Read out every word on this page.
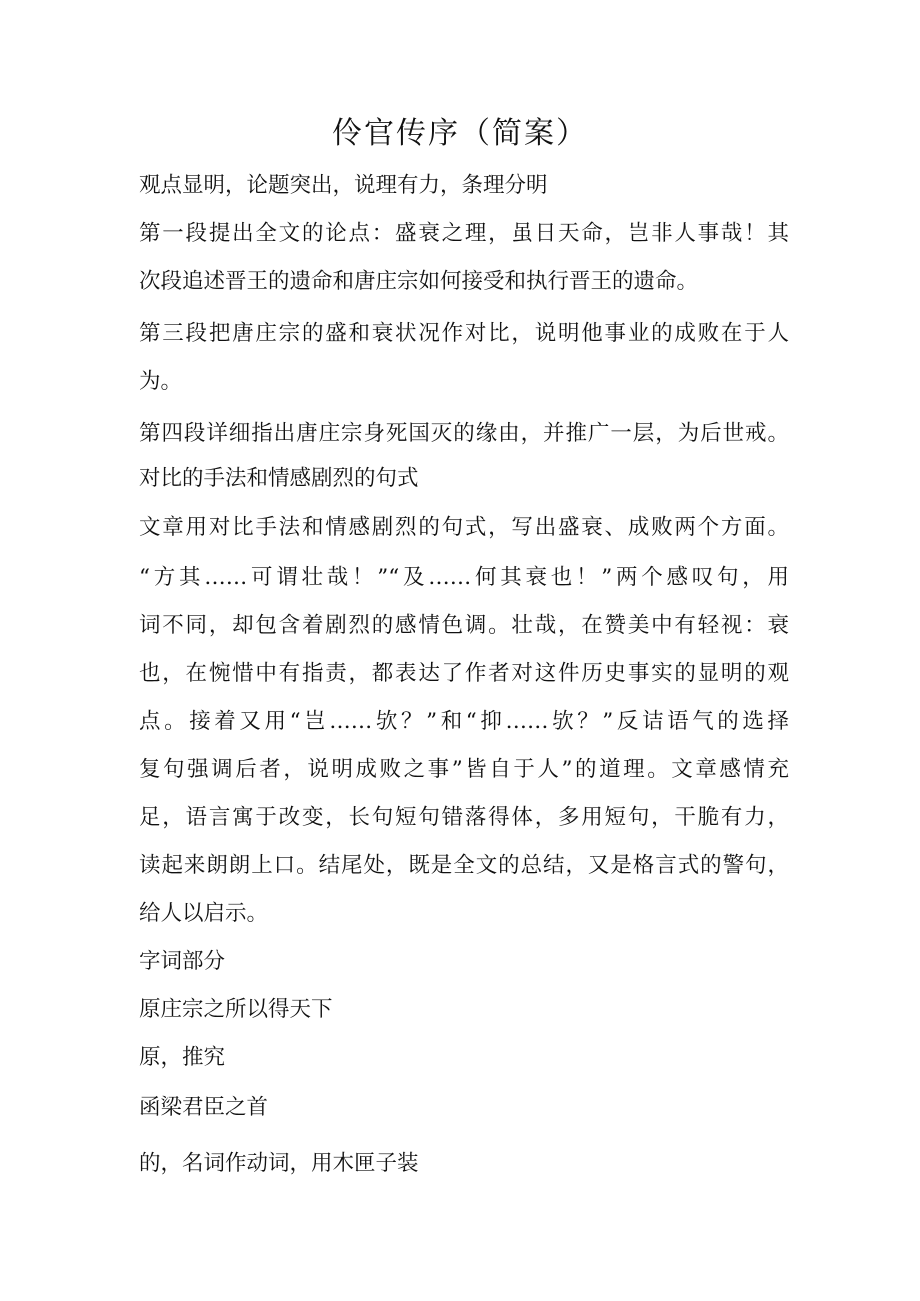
伶官传序（简案）
观点显明，论题突出，说理有力，条理分明
第一段提出全文的论点：盛衰之理，虽日天命，岂非人事哉！其
次段追述晋王的遗命和唐庄宗如何接受和执行晋王的遗命。
第三段把唐庄宗的盛和衰状况作对比，说明他事业的成败在于人
为。
第四段详细指出唐庄宗身死国灭的缘由，并推广一层，为后世戒。
对比的手法和情感剧烈的句式
文章用对比手法和情感剧烈的句式，写出盛衰、成败两个方面。
“方其……可谓壮哉！”“及……何其衰也！”两个感叹句，用
词不同，却包含着剧烈的感情色调。壮哉，在赞美中有轻视：衰
也，在惋惜中有指责，都表达了作者对这件历史事实的显明的观
点。接着又用“岂……欤？”和“抑……欤？”反诘语气的选择
复句强调后者，说明成败之事”皆自于人”的道理。文章感情充
足，语言寓于改变，长句短句错落得体，多用短句，干脆有力，
读起来朗朗上口。结尾处，既是全文的总结，又是格言式的警句，
给人以启示。
字词部分
原庄宗之所以得天下
原，推究
函梁君臣之首
的，名词作动词，用木匣子装
